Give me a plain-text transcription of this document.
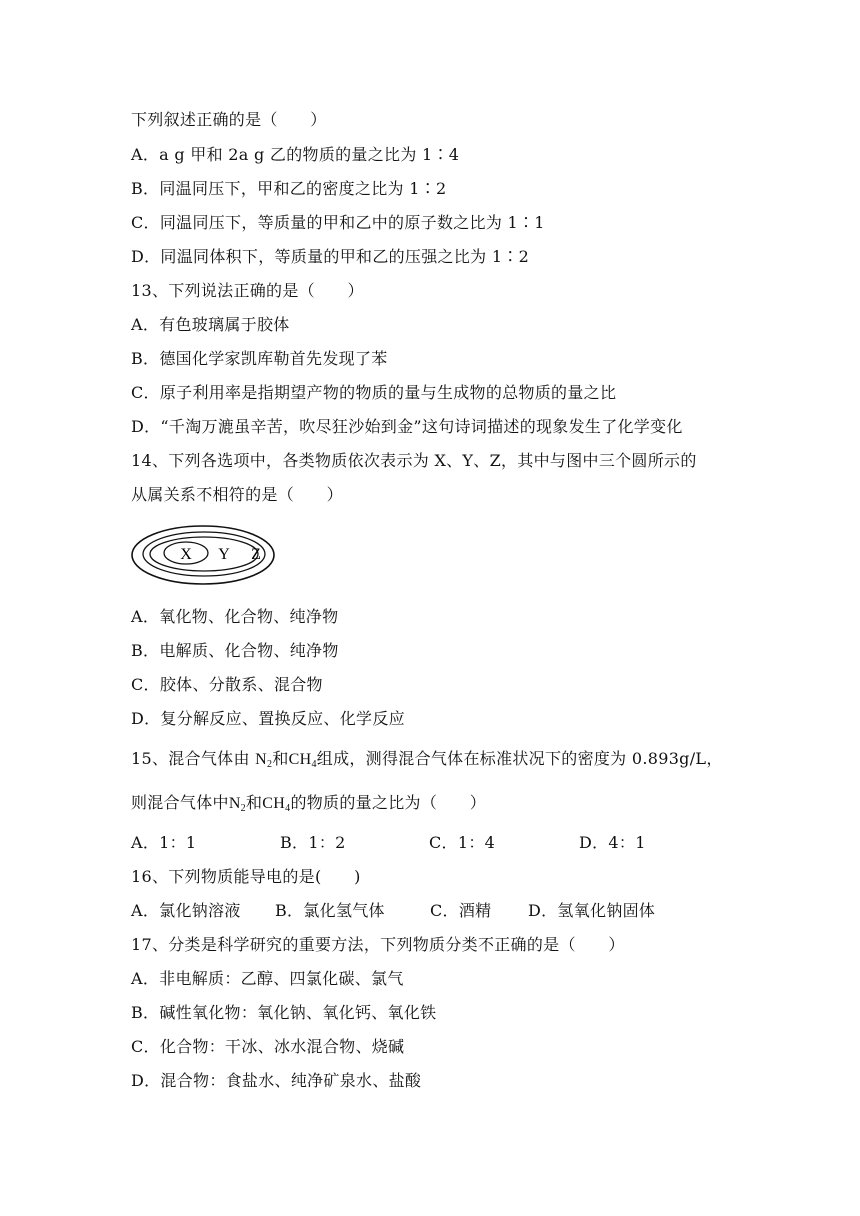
下列叙述正确的是（　　）
A．a g 甲和 2a g 乙的物质的量之比为 1∶4
B．同温同压下，甲和乙的密度之比为 1∶2
C．同温同压下，等质量的甲和乙中的原子数之比为 1∶1
D．同温同体积下，等质量的甲和乙的压强之比为 1∶2
13、下列说法正确的是（　　）
A．有色玻璃属于胶体
B．德国化学家凯库勒首先发现了苯
C．原子利用率是指期望产物的物质的量与生成物的总物质的量之比
D．“千淘万漉虽辛苦，吹尽狂沙始到金”这句诗词描述的现象发生了化学变化
14、下列各选项中，各类物质依次表示为 X、Y、Z，其中与图中三个圆所示的
从属关系不相符的是（　　）
X Y Z
A．氧化物、化合物、纯净物
B．电解质、化合物、纯净物
C．胶体、分散系、混合物
D．复分解反应、置换反应、化学反应
15、混合气体由 $N_2$和$CH_4$组成，测得混合气体在标准状况下的密度为 0.893g/L，
则混合气体中$N_2$和$CH_4$的物质的量之比为（　　）
A．1：1	B．1：2	C．1：4	D．4：1
16、下列物质能导电的是(　　)
A．氯化钠溶液 B．氯化氢气体	C．酒精 D．氢氧化钠固体
17、分类是科学研究的重要方法，下列物质分类不正确的是（　　）
A．非电解质：乙醇、四氯化碳、氯气
B．碱性氧化物：氧化钠、氧化钙、氧化铁
C．化合物：干冰、冰水混合物、烧碱
D．混合物：食盐水、纯净矿泉水、盐酸
